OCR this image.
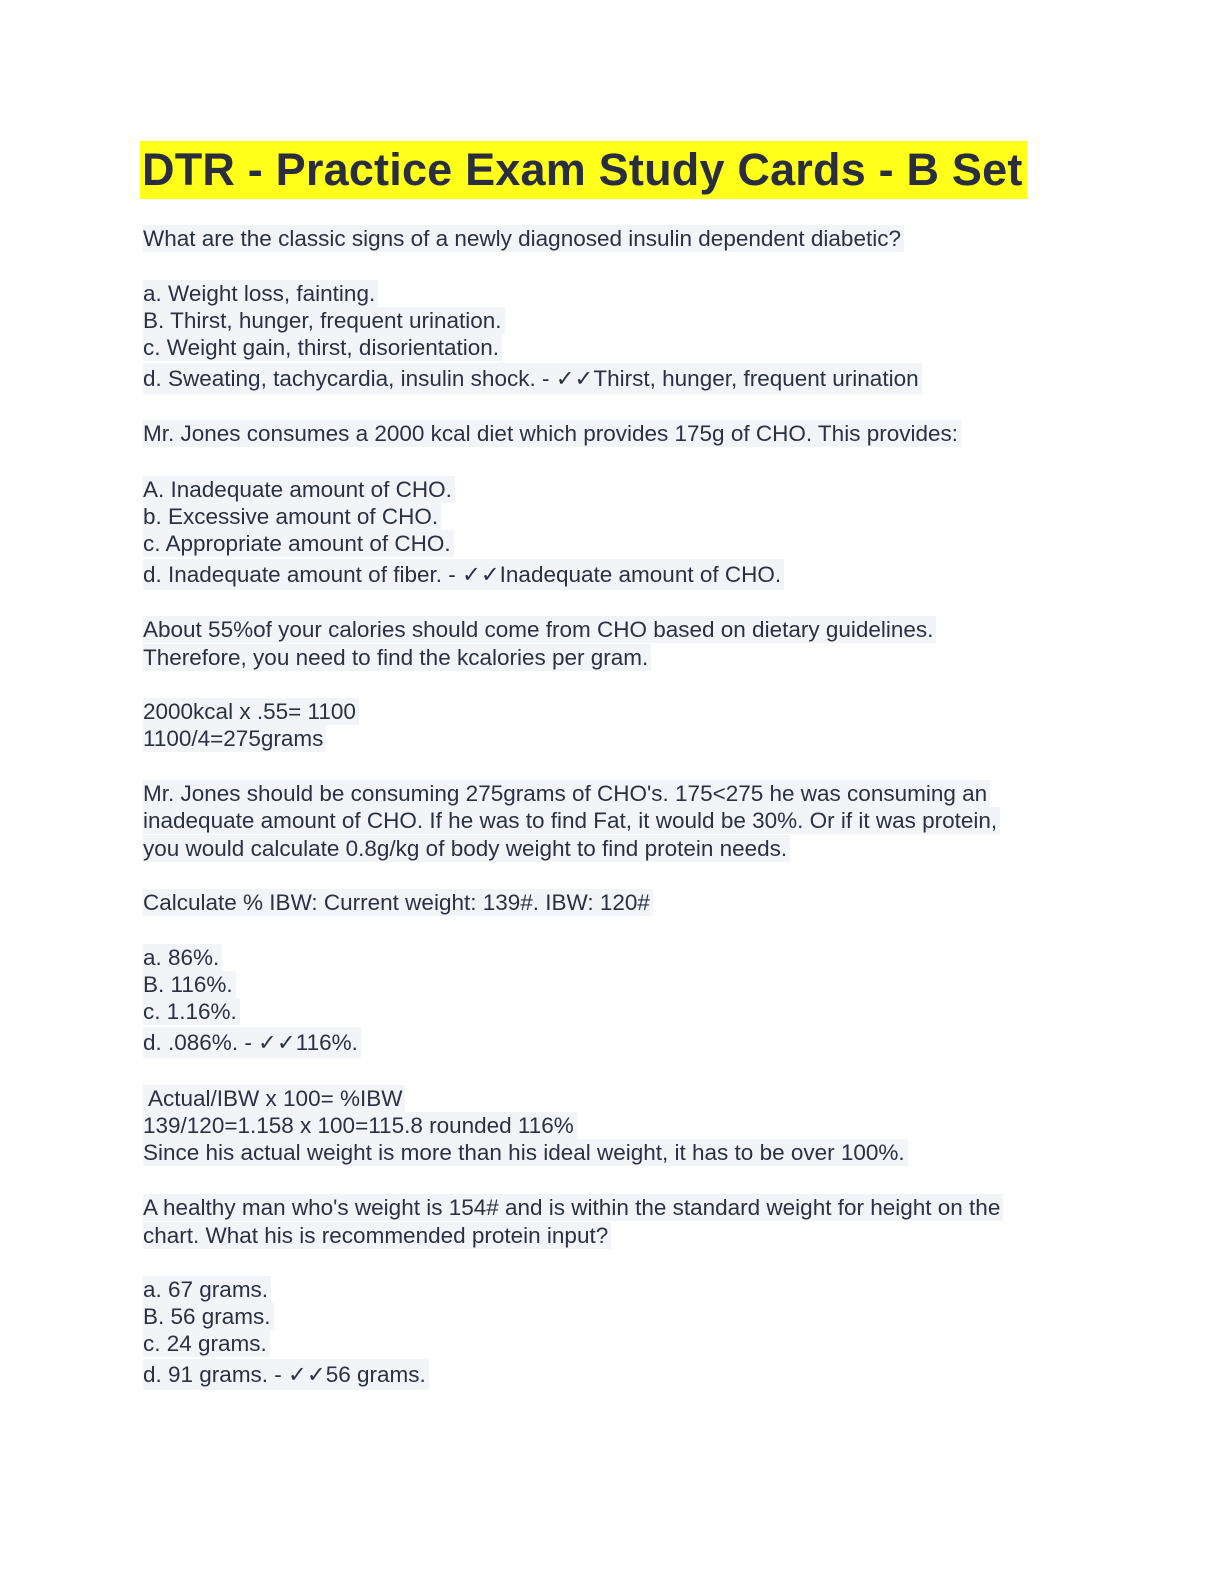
DTR - Practice Exam Study Cards - B Set
What are the classic signs of a newly diagnosed insulin dependent diabetic?
a. Weight loss, fainting.
B. Thirst, hunger, frequent urination.
c. Weight gain, thirst, disorientation.
d. Sweating, tachycardia, insulin shock. - ✓✓Thirst, hunger, frequent urination
Mr. Jones consumes a 2000 kcal diet which provides 175g of CHO. This provides:
A. Inadequate amount of CHO.
b. Excessive amount of CHO.
c. Appropriate amount of CHO.
d. Inadequate amount of fiber. - ✓✓Inadequate amount of CHO.
About 55%of your calories should come from CHO based on dietary guidelines.
Therefore, you need to find the kcalories per gram.
2000kcal x .55= 1100
1100/4=275grams
Mr. Jones should be consuming 275grams of CHO's. 175<275 he was consuming an
inadequate amount of CHO. If he was to find Fat, it would be 30%. Or if it was protein,
you would calculate 0.8g/kg of body weight to find protein needs.
Calculate % IBW: Current weight: 139#. IBW: 120#
a. 86%.
B. 116%.
c. 1.16%.
d. .086%. - ✓✓116%.
Actual/IBW x 100= %IBW
139/120=1.158 x 100=115.8 rounded 116%
Since his actual weight is more than his ideal weight, it has to be over 100%.
A healthy man who's weight is 154# and is within the standard weight for height on the
chart. What his is recommended protein input?
a. 67 grams.
B. 56 grams.
c. 24 grams.
d. 91 grams. - ✓✓56 grams.
